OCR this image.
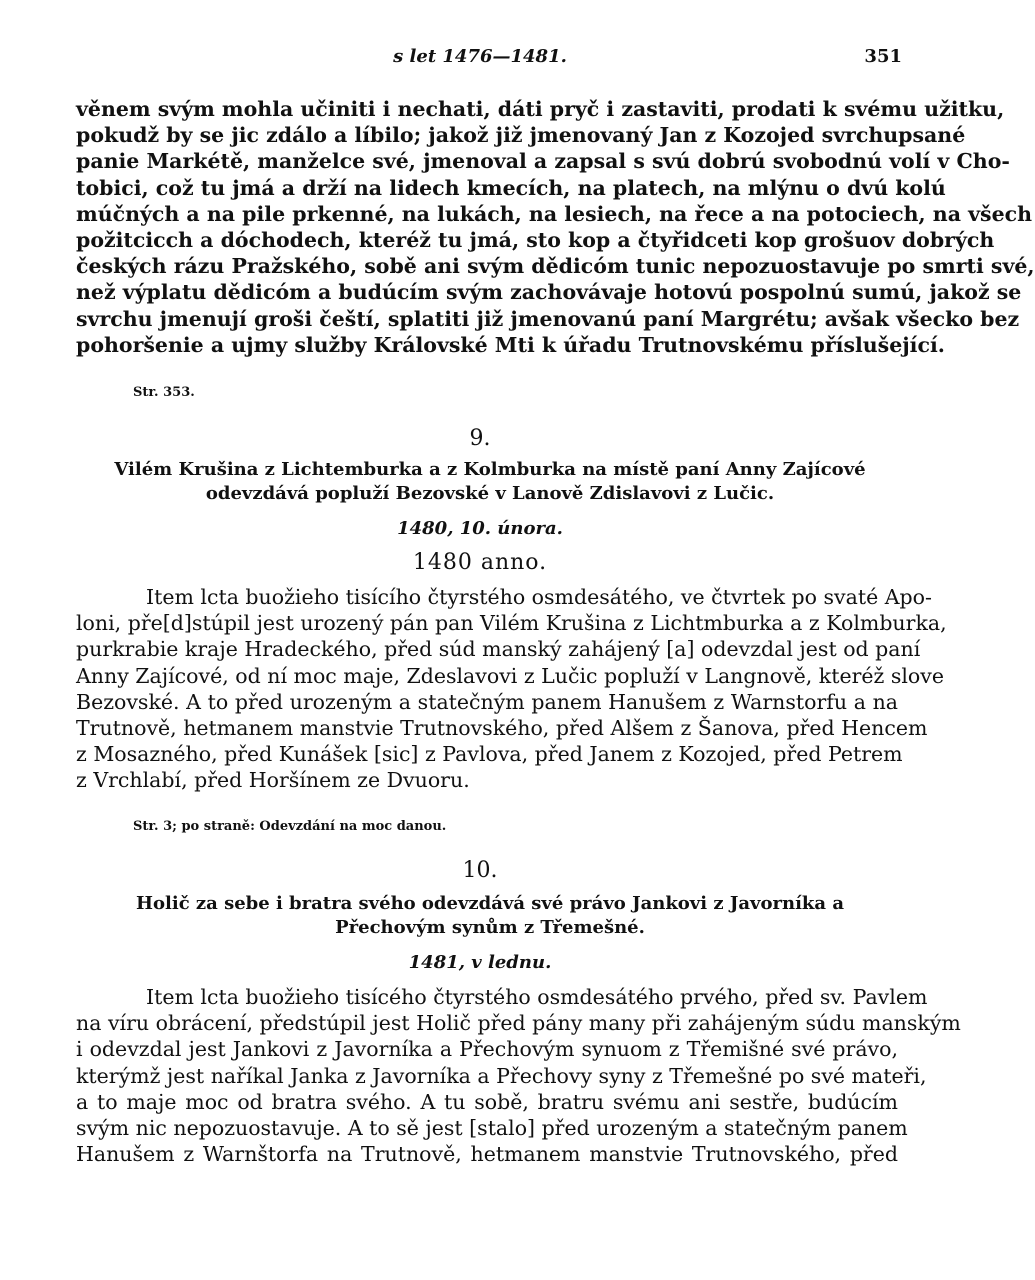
s let 1476—1481.	351
věnem svým mohla učiniti i nechati, dáti pryč i zastaviti, prodati k svému užitku,
pokudž by se jic zdálo a líbilo; jakož již jmenovaný Jan z Kozojed svrchupsané
panie Markétě, manželce své, jmenoval a zapsal s svú dobrú svobodnú volí v Cho-
tobici, což tu jmá a drží na lidech kmecích, na platech, na mlýnu o dvú kolú
múčných a na pile prkenné, na lukách, na lesiech, na řece a na potociech, na všech
požitcicch a dóchodech, kteréž tu jmá, sto kop a čtyřidceti kop grošuov dobrých
českých rázu Pražského, sobě ani svým dědicóm tunic nepozuostavuje po smrti své,
než výplatu dědicóm a budúcím svým zachovávaje hotovú pospolnú sumú, jakož se
svrchu jmenují groši čeští, splatiti již jmenovanú paní Margrétu; avšak všecko bez
pohoršenie a ujmy služby Královské Mti k úřadu Trutnovskému příslušející.
Str. 353.
9.
Vilém Krušina z Lichtemburka a z Kolmburka na místě paní Anny Zajícové odevzdává popluží Bezovské v Lanově Zdislavovi z Lučic.
1480, 10. února.
1480 anno.
Item lcta buožieho tisícího čtyrstého osmdesátého, ve čtvrtek po svaté Apo-
loni, pře[d]stúpil jest urozený pán pan Vilém Krušina z Lichtmburka a z Kolmburka,
purkrabie kraje Hradeckého, před súd manský zahájený [a] odevzdal jest od paní
Anny Zajícové, od ní moc maje, Zdeslavovi z Lučic popluží v Langnově, kteréž slove
Bezovské. A to před urozeným a statečným panem Hanušem z Warnstorfu a na
Trutnově, hetmanem manstvie Trutnovského, před Alšem z Šanova, před Hencem
z Mosazného, před Kunášek [sic] z Pavlova, před Janem z Kozojed, před Petrem
z Vrchlabí, před Horšínem ze Dvuoru.
Str. 3; po straně: Odevzdání na moc danou.
10.
Holič za sebe i bratra svého odevzdává své právo Jankovi z Javorníka a Přechovým synům z Třemešné.
1481, v lednu.
Item lcta buožieho tisícého čtyrstého osmdesátého prvého, před sv. Pavlem
na víru obrácení, předstúpil jest Holič před pány many při zahájeným súdu manským
i odevzdal jest Jankovi z Javorníka a Přechovým synuom z Třemišné své právo,
kterýmž jest naříkal Janka z Javorníka a Přechovy syny z Třemešné po své mateři,
a to maje moc od bratra svého. A tu sobě, bratru svému ani sestře, budúcím
svým nic nepozuostavuje. A to sě jest [stalo] před urozeným a statečným panem
Hanušem z Warnštorfa na Trutnově, hetmanem manstvie Trutnovského, před
